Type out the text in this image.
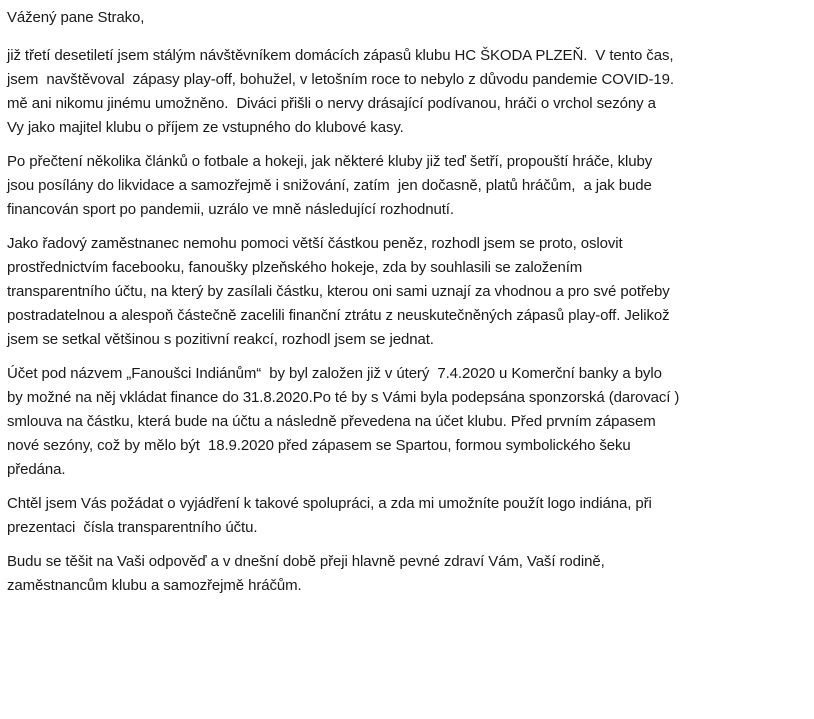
Vážený pane Strako,
již třetí desetiletí jsem stálým návštěvníkem domácích zápasů klubu HC ŠKODA PLZEŇ.  V tento čas,
jsem  navštěvoval  zápasy play-off, bohužel, v letošním roce to nebylo z důvodu pandemie COVID-19.
mě ani nikomu jinému umožněno.  Diváci přišli o nervy drásající podívanou, hráči o vrchol sezóny a
Vy jako majitel klubu o příjem ze vstupného do klubové kasy.
Po přečtení několika článků o fotbale a hokeji, jak některé kluby již teď šetří, propouští hráče, kluby
jsou posílány do likvidace a samozřejmě i snižování, zatím  jen dočasně, platů hráčům,  a jak bude
financován sport po pandemii, uzrálo ve mně následující rozhodnutí.
Jako řadový zaměstnanec nemohu pomoci větší částkou peněz, rozhodl jsem se proto, oslovit
prostřednictvím facebooku, fanoušky plzeňského hokeje, zda by souhlasili se založením
transparentního účtu, na který by zasílali částku, kterou oni sami uznají za vhodnou a pro své potřeby
postradatelnou a alespoň částečně zacelili finanční ztrátu z neuskutečněných zápasů play-off. Jelikož
jsem se setkal většinou s pozitivní reakcí, rozhodl jsem se jednat.
Účet pod názvem „Fanoušci Indiánům“  by byl založen již v úterý  7.4.2020 u Komerční banky a bylo
by možné na něj vkládat finance do 31.8.2020.Po té by s Vámi byla podepsána sponzorská (darovací )
smlouva na částku, která bude na účtu a následně převedena na účet klubu. Před prvním zápasem
nové sezóny, což by mělo být  18.9.2020 před zápasem se Spartou, formou symbolického šeku
předána.
Chtěl jsem Vás požádat o vyjádření k takové spolupráci, a zda mi umožníte použít logo indiána, při
prezentaci  čísla transparentního účtu.
Budu se těšit na Vaši odpověď a v dnešní době přeji hlavně pevné zdraví Vám, Vaší rodině,
zaměstnancům klubu a samozřejmě hráčům.
